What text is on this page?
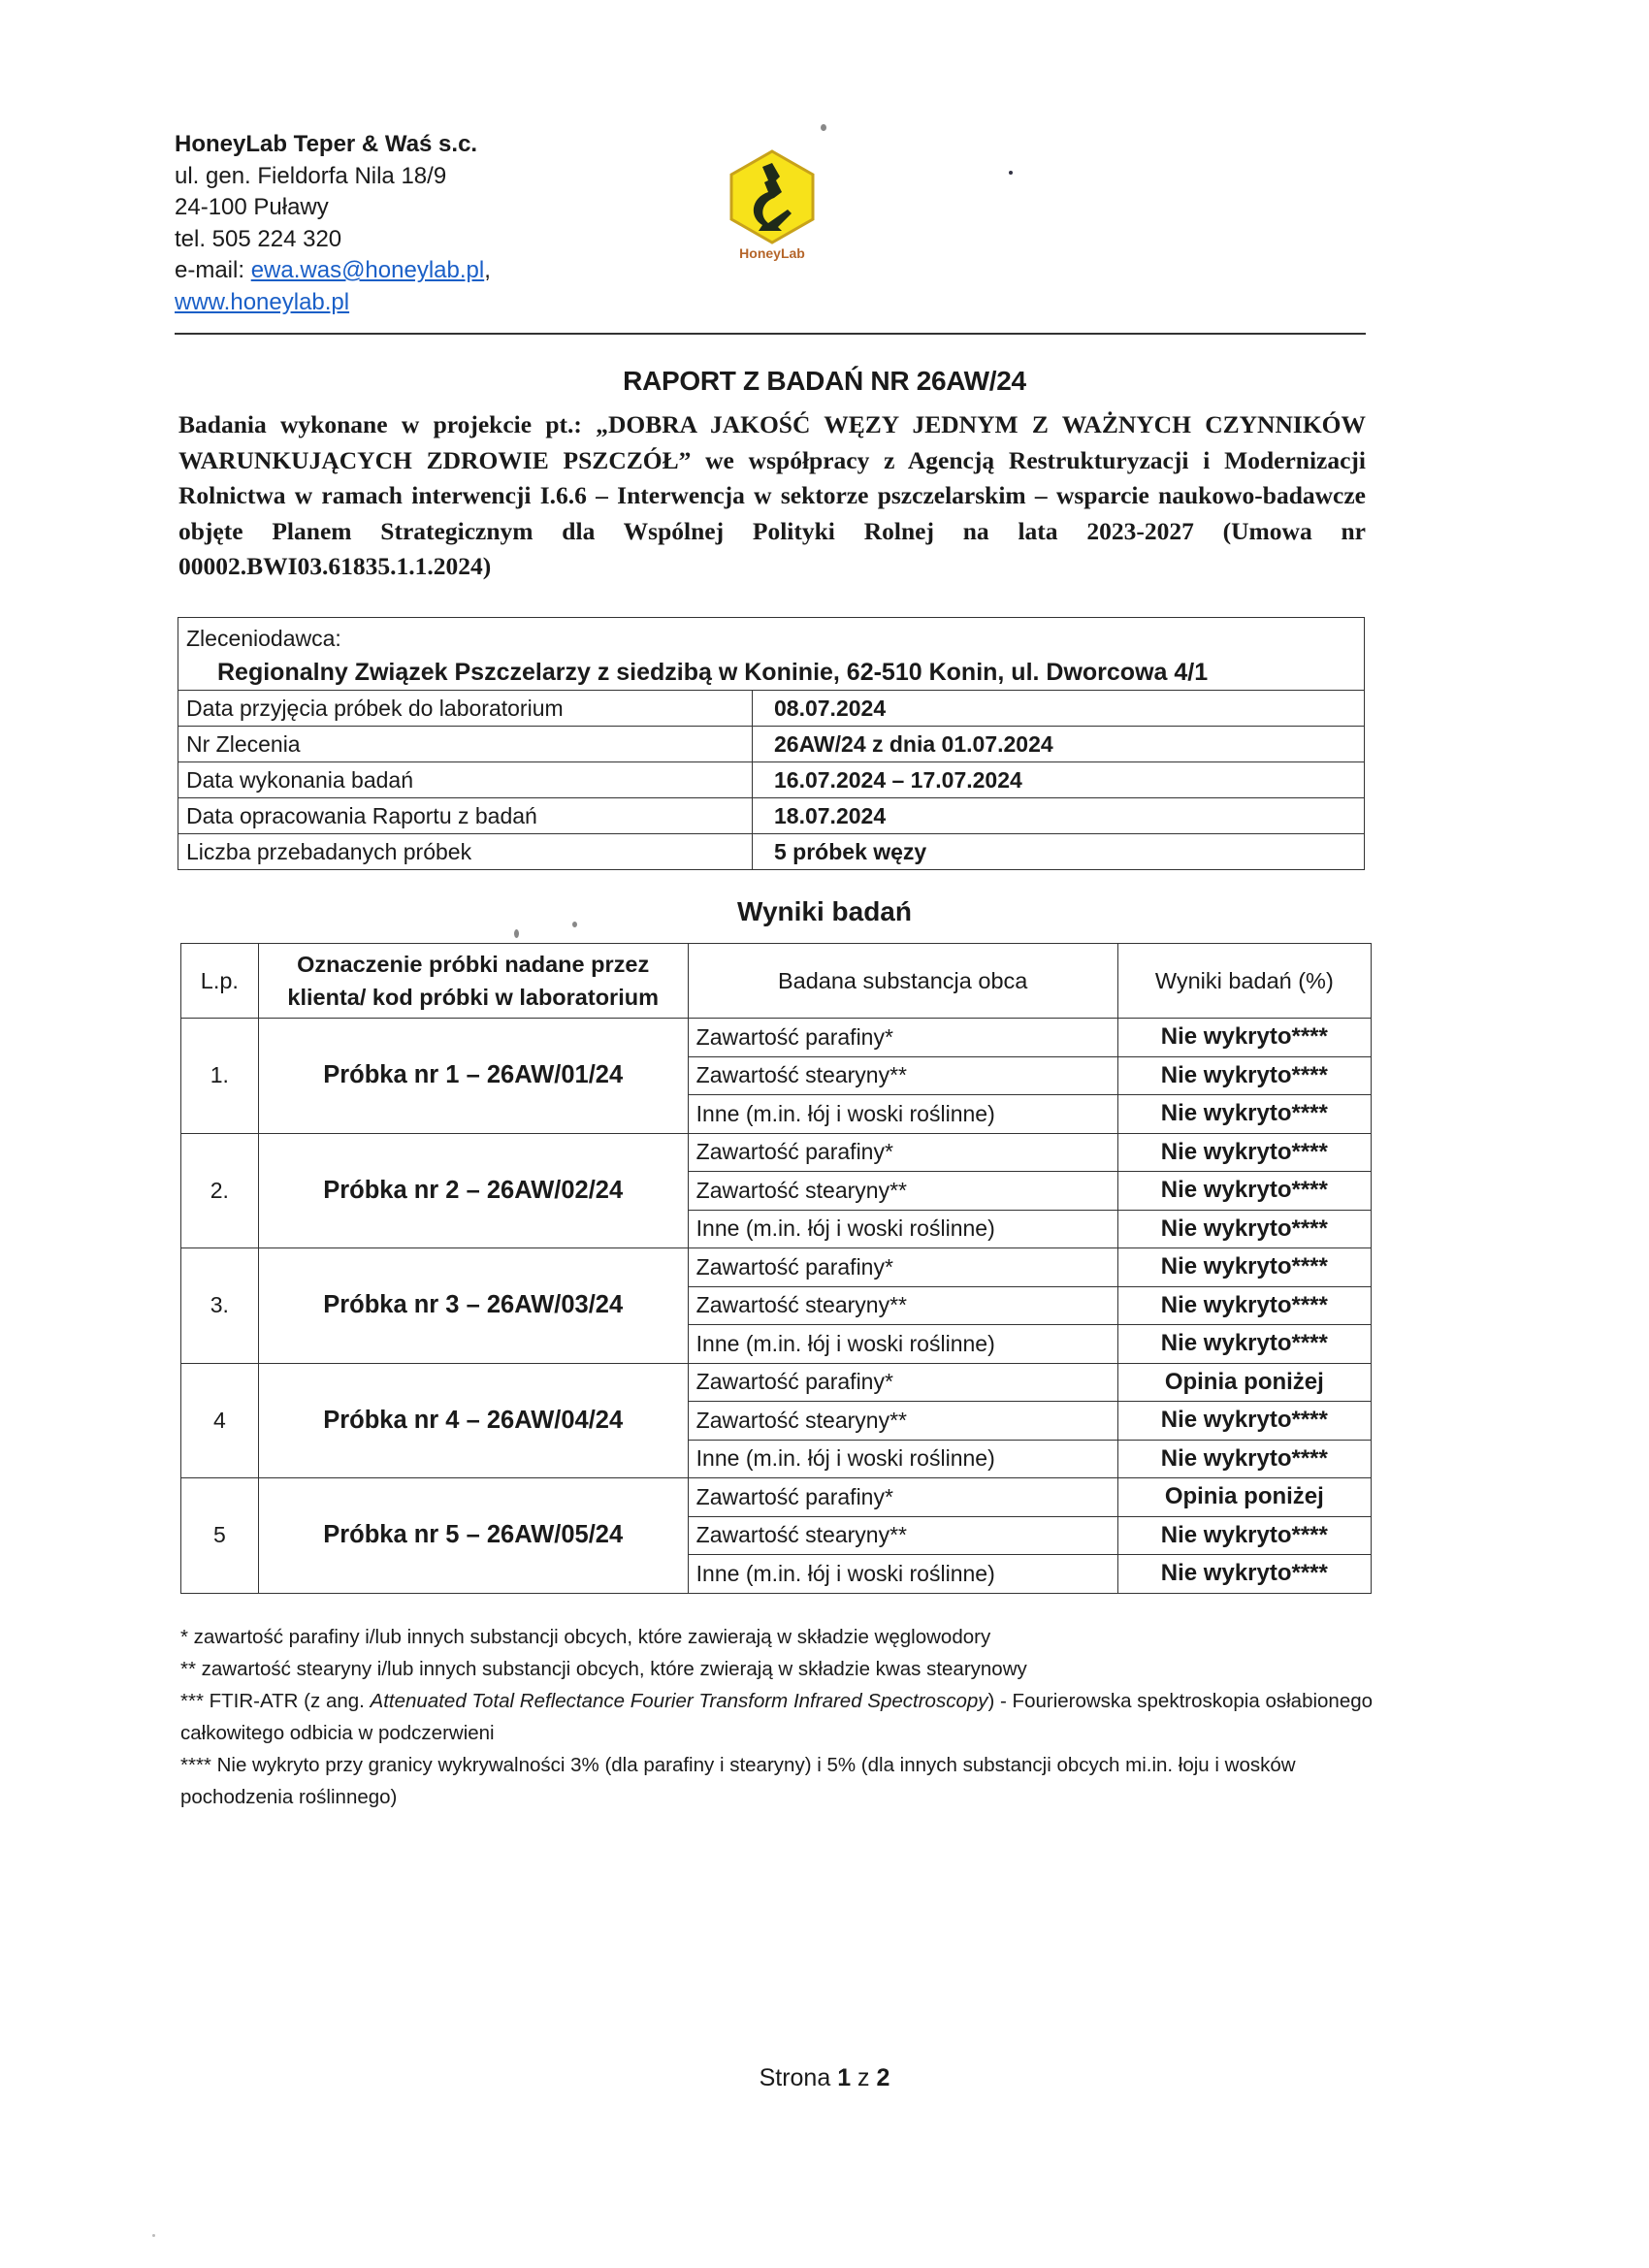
HoneyLab Teper & Waś s.c.
ul. gen. Fieldorfa Nila 18/9
24-100 Puławy
tel. 505 224 320
e-mail: ewa.was@honeylab.pl,
www.honeylab.pl
HoneyLab
RAPORT Z BADAŃ NR 26AW/24
Badania wykonane w projekcie pt.: „DOBRA JAKOŚĆ WĘZY JEDNYM Z WAŻNYCH CZYNNIKÓW WARUNKUJĄCYCH ZDROWIE PSZCZÓŁ” we współpracy z Agencją Restrukturyzacji i Modernizacji Rolnictwa w ramach interwencji I.6.6 – Interwencja w sektorze pszczelarskim – wsparcie naukowo-badawcze objęte Planem Strategicznym dla Wspólnej Polityki Rolnej na lata 2023-2027 (Umowa nr 00002.BWI03.61835.1.1.2024)
Zleceniodawca:	
Regionalny Związek Pszczelarzy z siedzibą w Koninie, 62-510 Konin, ul. Dworcowa 4/1	
Data przyjęcia próbek do laboratorium	08.07.2024
Nr Zlecenia	26AW/24 z dnia 01.07.2024
Data wykonania badań	16.07.2024 – 17.07.2024
Data opracowania Raportu z badań	18.07.2024
Liczba przebadanych próbek	5 próbek węzy
Wyniki badań
L.p.	Oznaczenie próbki nadane przez klienta/ kod próbki w laboratorium	Badana substancja obca	Wyniki badań (%)
1.	Próbka nr 1 – 26AW/01/24	Zawartość parafiny*	Nie wykryto****
		Zawartość stearyny**	Nie wykryto****
		Inne (m.in. łój i woski roślinne)	Nie wykryto****
2.	Próbka nr 2 – 26AW/02/24	Zawartość parafiny*	Nie wykryto****
		Zawartość stearyny**	Nie wykryto****
		Inne (m.in. łój i woski roślinne)	Nie wykryto****
3.	Próbka nr 3 – 26AW/03/24	Zawartość parafiny*	Nie wykryto****
		Zawartość stearyny**	Nie wykryto****
		Inne (m.in. łój i woski roślinne)	Nie wykryto****
4	Próbka nr 4 – 26AW/04/24	Zawartość parafiny*	Opinia poniżej
		Zawartość stearyny**	Nie wykryto****
		Inne (m.in. łój i woski roślinne)	Nie wykryto****
5	Próbka nr 5 – 26AW/05/24	Zawartość parafiny*	Opinia poniżej
		Zawartość stearyny**	Nie wykryto****
		Inne (m.in. łój i woski roślinne)	Nie wykryto****

* zawartość parafiny i/lub innych substancji obcych, które zawierają w składzie węglowodory

** zawartość stearyny i/lub innych substancji obcych, które zwierają w składzie kwas stearynowy

*** FTIR-ATR (z ang. Attenuated Total Reflectance Fourier Transform Infrared Spectroscopy) - Fourierowska spektroskopia osłabionego całkowitego odbicia w podczerwieni

**** Nie wykryto przy granicy wykrywalności 3% (dla parafiny i stearyny) i 5% (dla innych substancji obcych mi.in. łoju i wosków pochodzenia roślinnego)

Strona 1 z 2
